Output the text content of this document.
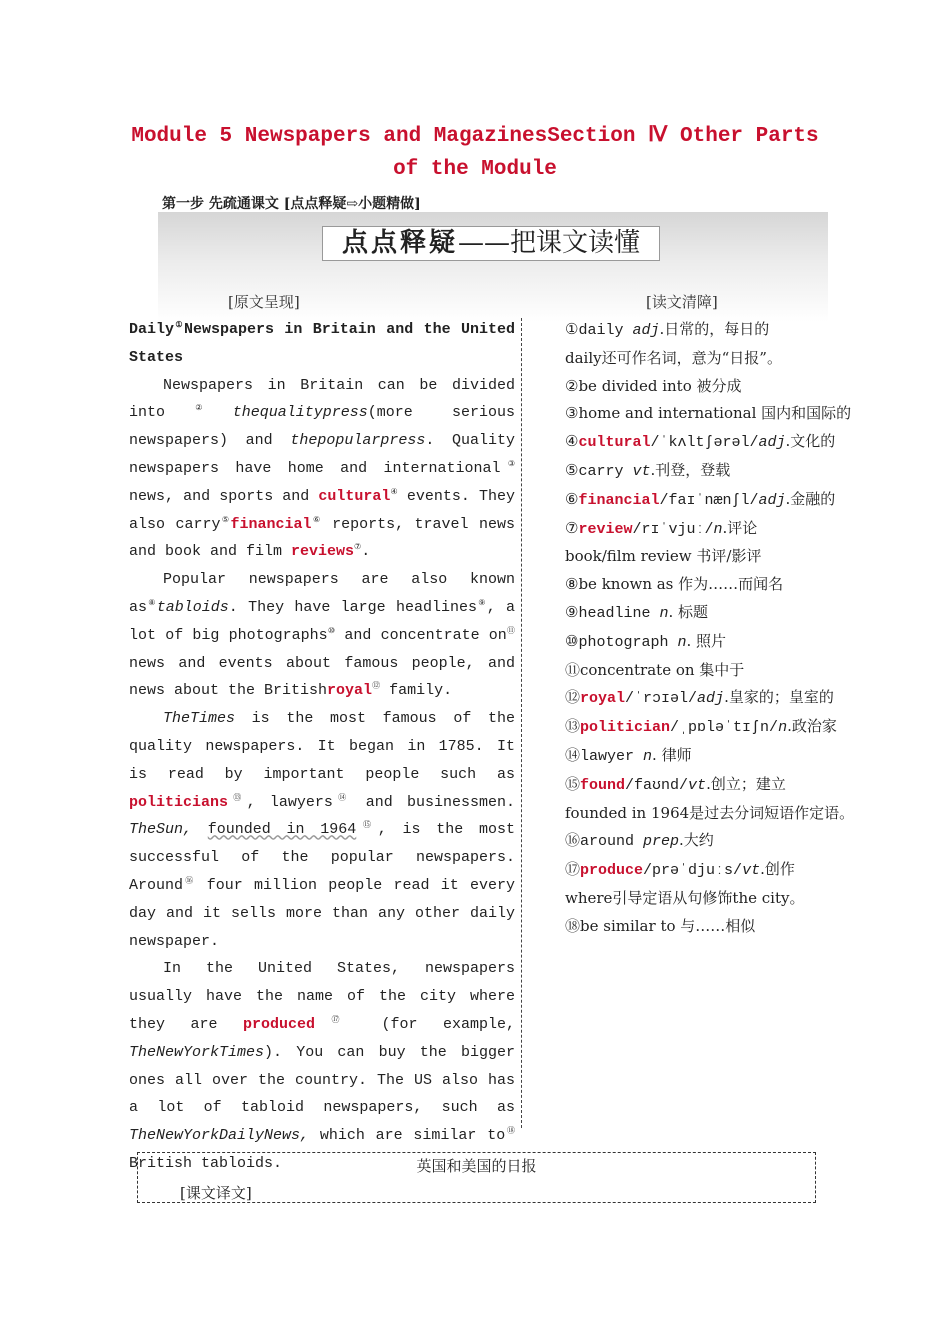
Module 5 Newspapers and MagazinesSection Ⅳ Other Parts of the Module
第一步 先疏通课文 [点点释疑⇨小题精做]
点点释疑——把课文读懂
[原文呈现]	[读文清障]

Daily①Newspapers in Britain and the United States

Newspapers in Britain can be divided into②thequalitypress(more serious newspapers) and thepopularpress. Quality newspapers have home and international③ news, and sports and cultural④ events. They also carry⑤financial⑥ reports, travel news and book and film reviews⑦.

Popular newspapers are also known as⑧tabloids. They have large headlines⑨, a lot of big photographs⑩ and concentrate on⑪ news and events about famous people, and news about the Britishroyal⑫ family.

TheTimes is the most famous of the quality newspapers. It began in 1785. It is read by important people such as politicians⑬, lawyers⑭ and businessmen. TheSun, founded in 1964⑮, is the most successful of the popular newspapers. Around⑯ four million people read it every day and it sells more than any other daily newspaper.

In the United States, newspapers usually have the name of the city where they are produced⑰ (for example, TheNewYorkTimes). You can buy the bigger ones all over the country. The US also has a lot of tabloid newspapers, such as TheNewYorkDailyNews, which are similar to⑱ British tabloids.

①daily adj.日常的，每日的

daily还可作名词，意为“日报”。

②be divided into 被分成

③home and international 国内和国际的

④cultural/ˈkʌltʃərəl/adj.文化的

⑤carry vt.刊登，登载

⑥financial/faɪˈnænʃl/adj.金融的

⑦review/rɪˈvjuː/n.评论

book/film review 书评/影评

⑧be known as 作为……而闻名

⑨headline n. 标题

⑩photograph n. 照片

⑪concentrate on 集中于

⑫royal/ˈrɔɪəl/adj.皇家的；皇室的

⑬politician/ˌpɒləˈtɪʃn/n.政治家

⑭lawyer n. 律师

⑮found/faʊnd/vt.创立；建立

founded in 1964是过去分词短语作定语。

⑯around prep.大约

⑰produce/prəˈdjuːs/vt.创作

where引导定语从句修饰the city。

⑱be similar to 与……相似

英国和美国的日报
[课文译文]
